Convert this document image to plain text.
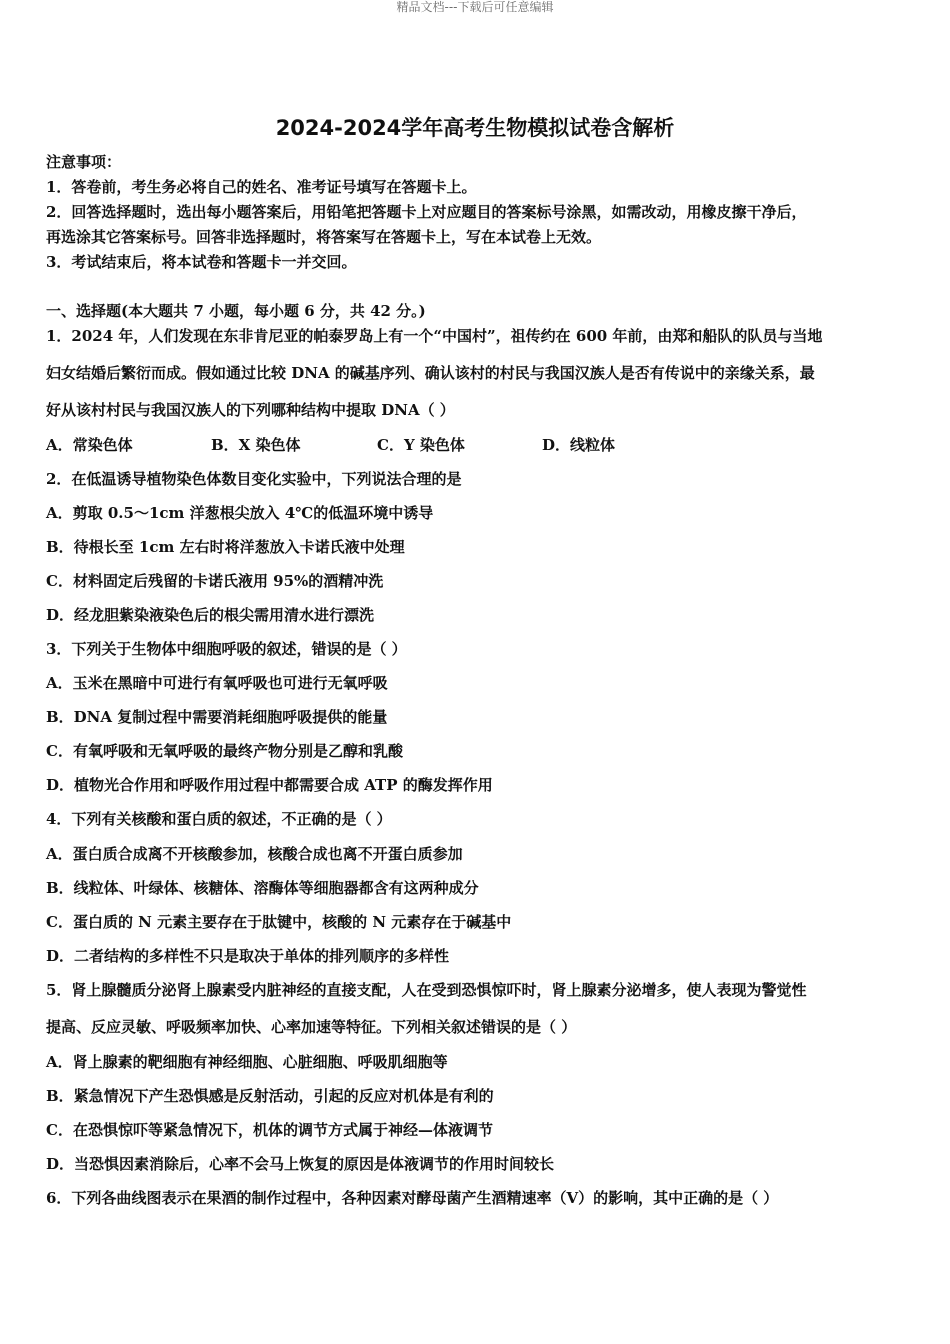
精品文档---下载后可任意编辑
2024-2024学年高考生物模拟试卷含解析
注意事项：
1．答卷前，考生务必将自己的姓名、准考证号填写在答题卡上。
2．回答选择题时，选出每小题答案后，用铅笔把答题卡上对应题目的答案标号涂黑，如需改动，用橡皮擦干净后，
再选涂其它答案标号。回答非选择题时，将答案写在答题卡上，写在本试卷上无效。
3．考试结束后，将本试卷和答题卡一并交回。
一、选择题(本大题共 7 小题，每小题 6 分，共 42 分。)
1．2024 年，人们发现在东非肯尼亚的帕泰罗岛上有一个“中国村”，祖传约在 600 年前，由郑和船队的队员与当地
妇女结婚后繁衍而成。假如通过比较 DNA 的碱基序列、确认该村的村民与我国汉族人是否有传说中的亲缘关系，最
好从该村村民与我国汉族人的下列哪种结构中提取 DNA（ ）
A．常染色体	B．X 染色体	C．Y 染色体	D．线粒体
2．在低温诱导植物染色体数目变化实验中，下列说法合理的是
A．剪取 0.5～1cm 洋葱根尖放入 4℃的低温环境中诱导
B．待根长至 1cm 左右时将洋葱放入卡诺氏液中处理
C．材料固定后残留的卡诺氏液用 95%的酒精冲洗
D．经龙胆紫染液染色后的根尖需用清水进行漂洗
3．下列关于生物体中细胞呼吸的叙述，错误的是（ ）
A．玉米在黑暗中可进行有氧呼吸也可进行无氧呼吸
B．DNA 复制过程中需要消耗细胞呼吸提供的能量
C．有氧呼吸和无氧呼吸的最终产物分别是乙醇和乳酸
D．植物光合作用和呼吸作用过程中都需要合成 ATP 的酶发挥作用
4．下列有关核酸和蛋白质的叙述，不正确的是（ ）
A．蛋白质合成离不开核酸参加，核酸合成也离不开蛋白质参加
B．线粒体、叶绿体、核糖体、溶酶体等细胞器都含有这两种成分
C．蛋白质的 N 元素主要存在于肽键中，核酸的 N 元素存在于碱基中
D．二者结构的多样性不只是取决于单体的排列顺序的多样性
5．肾上腺髓质分泌肾上腺素受内脏神经的直接支配，人在受到恐惧惊吓时，肾上腺素分泌增多，使人表现为警觉性
提高、反应灵敏、呼吸频率加快、心率加速等特征。下列相关叙述错误的是（ ）
A．肾上腺素的靶细胞有神经细胞、心脏细胞、呼吸肌细胞等
B．紧急情况下产生恐惧感是反射活动，引起的反应对机体是有利的
C．在恐惧惊吓等紧急情况下，机体的调节方式属于神经—体液调节
D．当恐惧因素消除后，心率不会马上恢复的原因是体液调节的作用时间较长
6．下列各曲线图表示在果酒的制作过程中，各种因素对酵母菌产生酒精速率（V）的影响，其中正确的是（ ）
